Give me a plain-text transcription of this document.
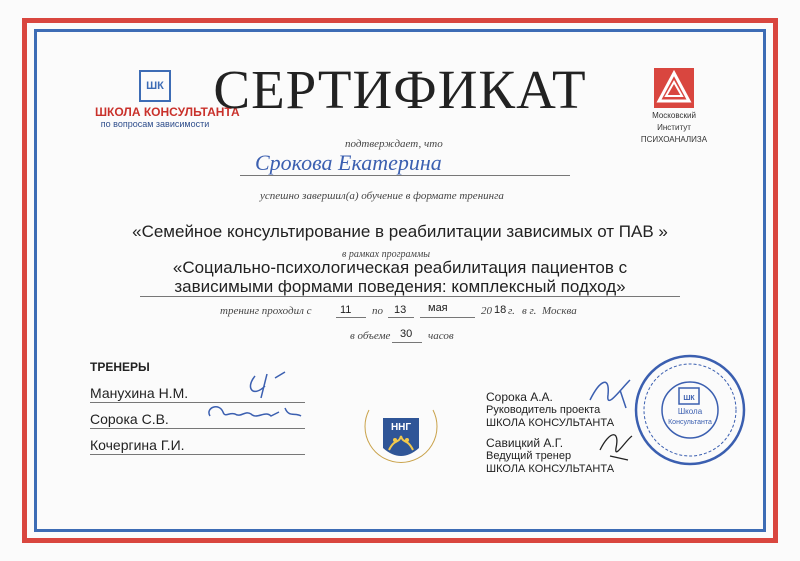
ШК
ШКОЛА КОНСУЛЬТАНТА
по вопросам зависимости
Московский
Институт
ПСИХОАНАЛИЗА
СЕРТИФИКАТ
подтверждает, что
Срокова Екатерина
успешно завершил(а) обучение в формате тренинга
«Семейное консультирование в реабилитации зависимых от ПАВ »
в рамках программы
«Социально-психологическая реабилитация пациентов с
зависимыми формами поведения: комплексный подход»
тренинг проходил с	11 по 13 мая	20 18 г. в г. Москва
в объеме 30 часов
ТРЕНЕРЫ
Манухина Н.М.
Сорока С.В.
Кочергина Г.И.
ННГ
Сорока А.А.
Руководитель проекта
ШКОЛА КОНСУЛЬТАНТА
Савицкий А.Г.
Ведущий тренер
ШКОЛА КОНСУЛЬТАНТА
ШК
Школа
Консультанта
